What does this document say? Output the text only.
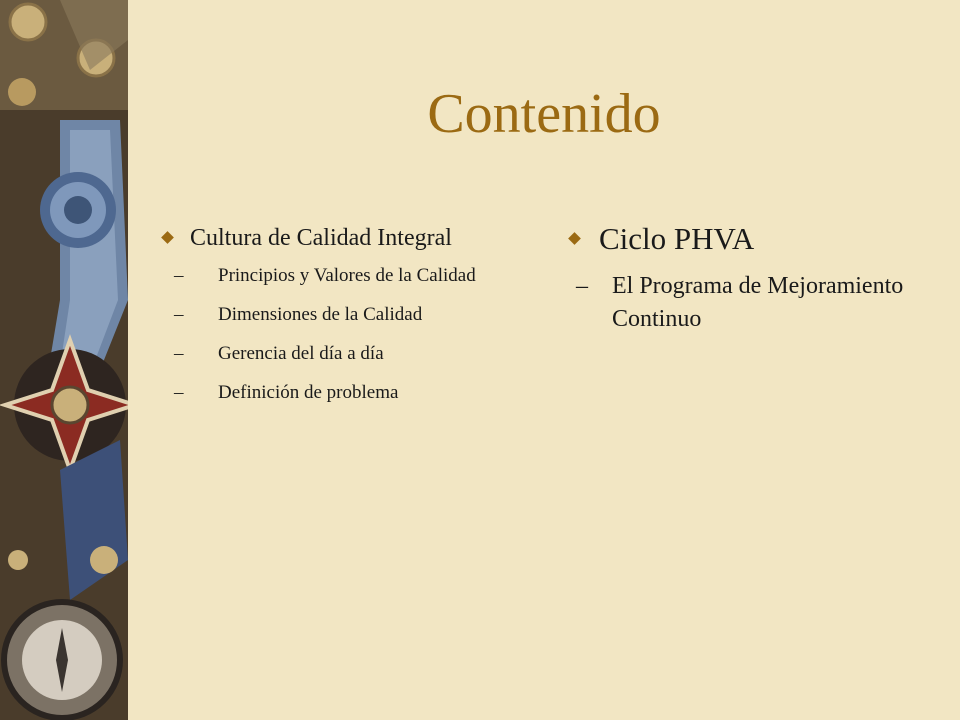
Contenido
Cultura de Calidad Integral
–	Principios y Valores de la Calidad
–	Dimensiones de la Calidad
–	Gerencia del día a día
–	Definición de problema
Ciclo PHVA
– El Programa de Mejoramiento Continuo
